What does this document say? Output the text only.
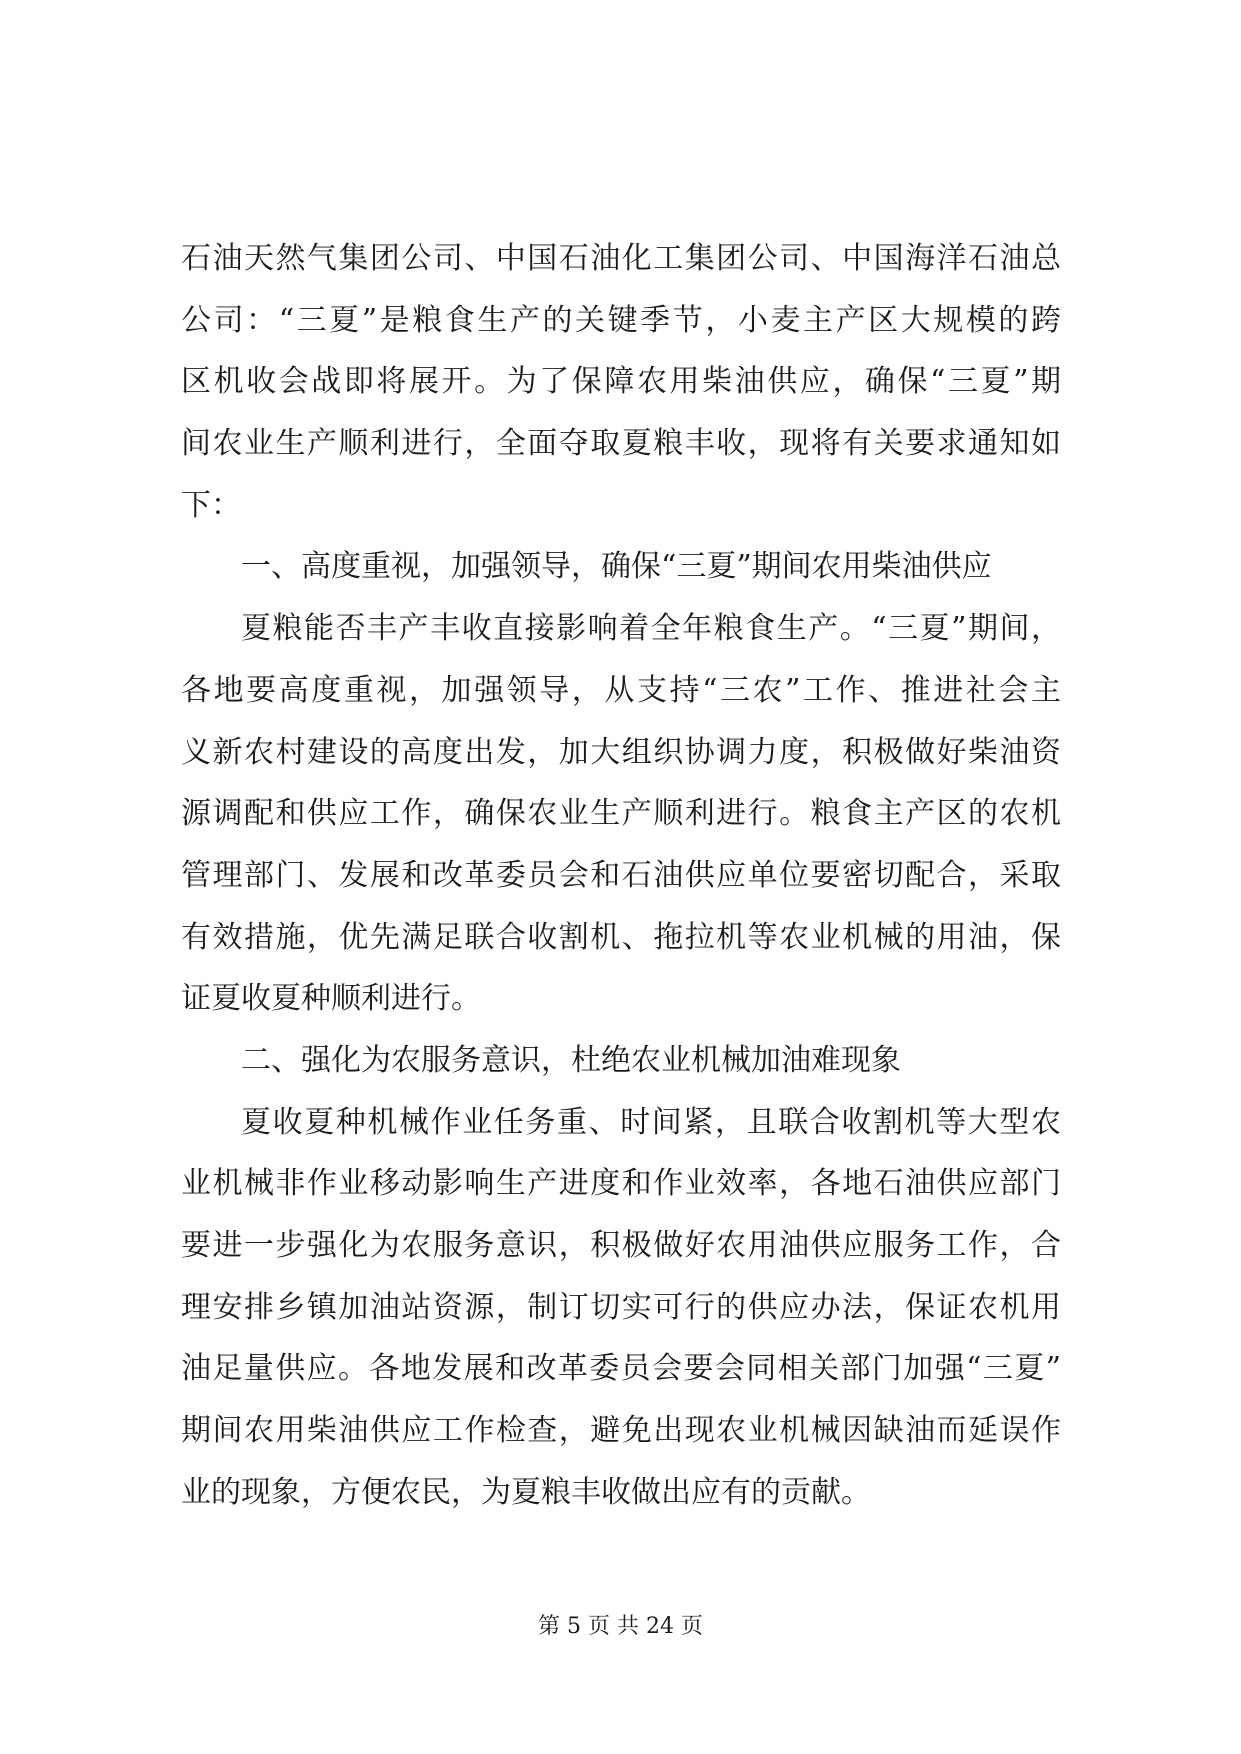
石油天然气集团公司、中国石油化工集团公司、中国海洋石油总
公司：“三夏”是粮食生产的关键季节，小麦主产区大规模的跨
区机收会战即将展开。为了保障农用柴油供应，确保“三夏”期
间农业生产顺利进行，全面夺取夏粮丰收，现将有关要求通知如
下：
一、高度重视，加强领导，确保“三夏”期间农用柴油供应
夏粮能否丰产丰收直接影响着全年粮食生产。“三夏”期间，
各地要高度重视，加强领导，从支持“三农”工作、推进社会主
义新农村建设的高度出发，加大组织协调力度，积极做好柴油资
源调配和供应工作，确保农业生产顺利进行。粮食主产区的农机
管理部门、发展和改革委员会和石油供应单位要密切配合，采取
有效措施，优先满足联合收割机、拖拉机等农业机械的用油，保
证夏收夏种顺利进行。
二、强化为农服务意识，杜绝农业机械加油难现象
夏收夏种机械作业任务重、时间紧，且联合收割机等大型农
业机械非作业移动影响生产进度和作业效率，各地石油供应部门
要进一步强化为农服务意识，积极做好农用油供应服务工作，合
理安排乡镇加油站资源，制订切实可行的供应办法，保证农机用
油足量供应。各地发展和改革委员会要会同相关部门加强“三夏”
期间农用柴油供应工作检查，避免出现农业机械因缺油而延误作
业的现象，方便农民，为夏粮丰收做出应有的贡献。
第 5 页 共 24 页
